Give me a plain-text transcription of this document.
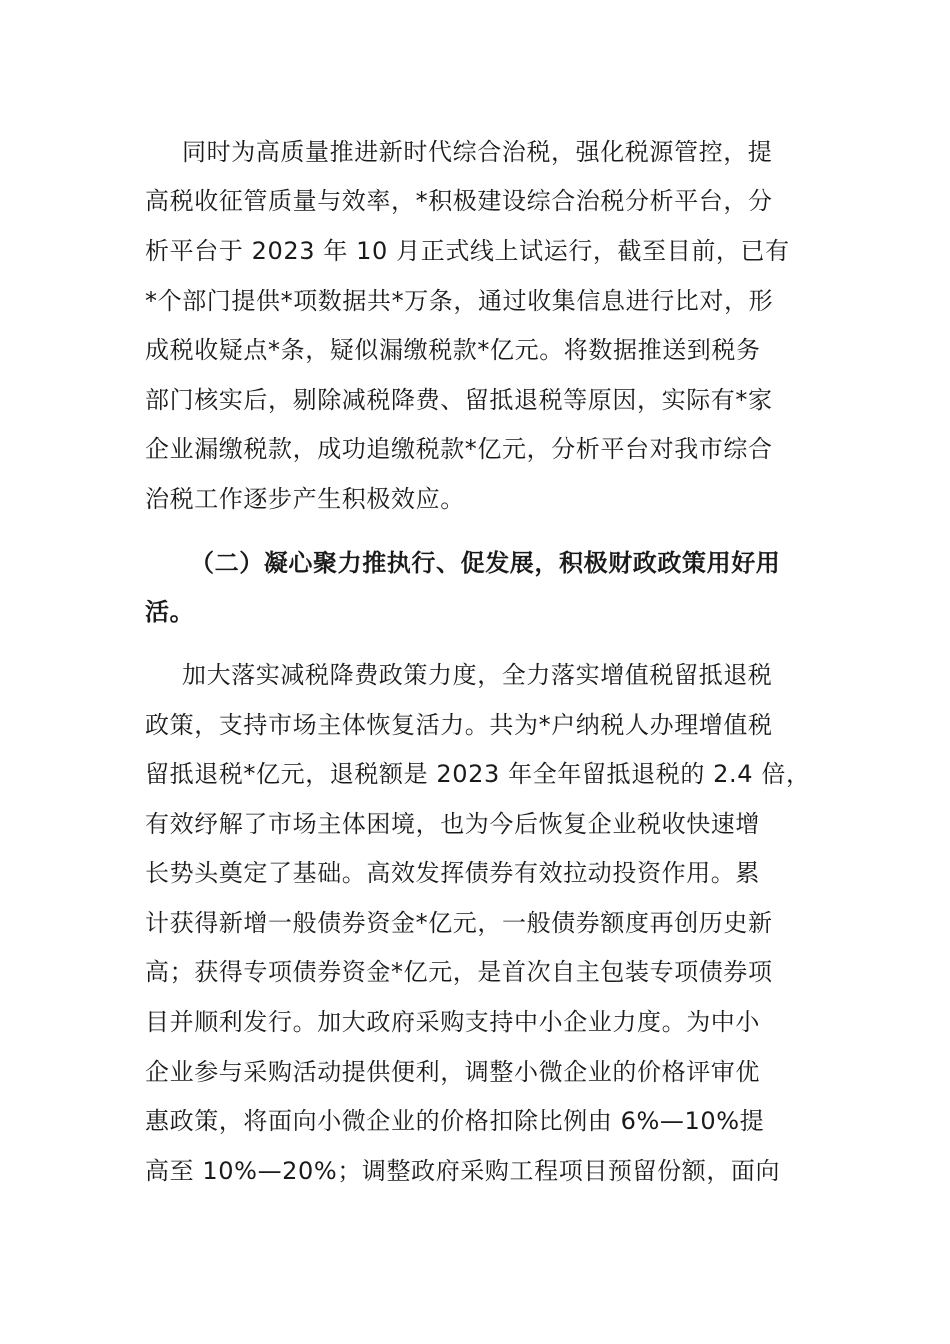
同时为高质量推进新时代综合治税，强化税源管控，提
高税收征管质量与效率，*积极建设综合治税分析平台，分
析平台于 2023 年 10 月正式线上试运行，截至目前，已有
*个部门提供*项数据共*万条，通过收集信息进行比对，形
成税收疑点*条，疑似漏缴税款*亿元。将数据推送到税务
部门核实后，剔除减税降费、留抵退税等原因，实际有*家
企业漏缴税款，成功追缴税款*亿元，分析平台对我市综合
治税工作逐步产生积极效应。
（二）凝心聚力推执行、促发展，积极财政政策用好用
活。
加大落实减税降费政策力度，全力落实增值税留抵退税
政策，支持市场主体恢复活力。共为*户纳税人办理增值税
留抵退税*亿元，退税额是 2023 年全年留抵退税的 2.4 倍，
有效纾解了市场主体困境，也为今后恢复企业税收快速增
长势头奠定了基础。高效发挥债券有效拉动投资作用。累
计获得新增一般债券资金*亿元，一般债券额度再创历史新
高；获得专项债券资金*亿元，是首次自主包装专项债券项
目并顺利发行。加大政府采购支持中小企业力度。为中小
企业参与采购活动提供便利，调整小微企业的价格评审优
惠政策，将面向小微企业的价格扣除比例由 6%—10%提
高至 10%—20%；调整政府采购工程项目预留份额，面向
